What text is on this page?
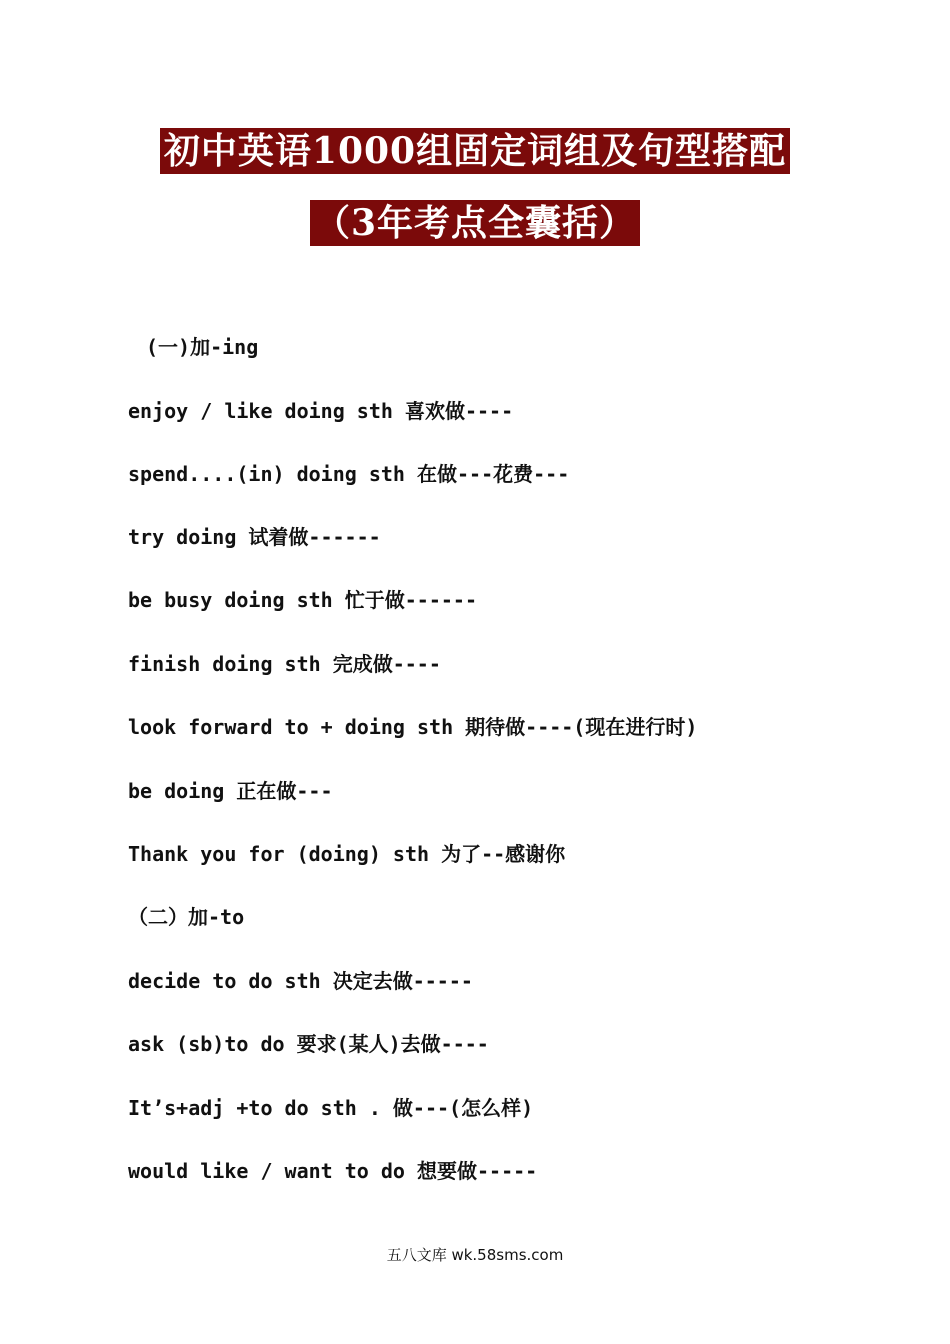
初中英语1000组固定词组及句型搭配
（3年考点全囊括）
(一)加-ing
enjoy / like doing sth 喜欢做----
spend....(in) doing sth 在做---花费---
try doing 试着做------
be busy doing sth 忙于做------
finish doing sth 完成做----
look forward to + doing sth 期待做----(现在进行时)
be doing 正在做---
Thank you for (doing) sth 为了--感谢你
（二）加-to
decide to do sth 决定去做-----
ask (sb)to do 要求(某人)去做----
It’s+adj +to do sth . 做---(怎么样)
would like / want to do 想要做-----
五八文库 wk.58sms.com
